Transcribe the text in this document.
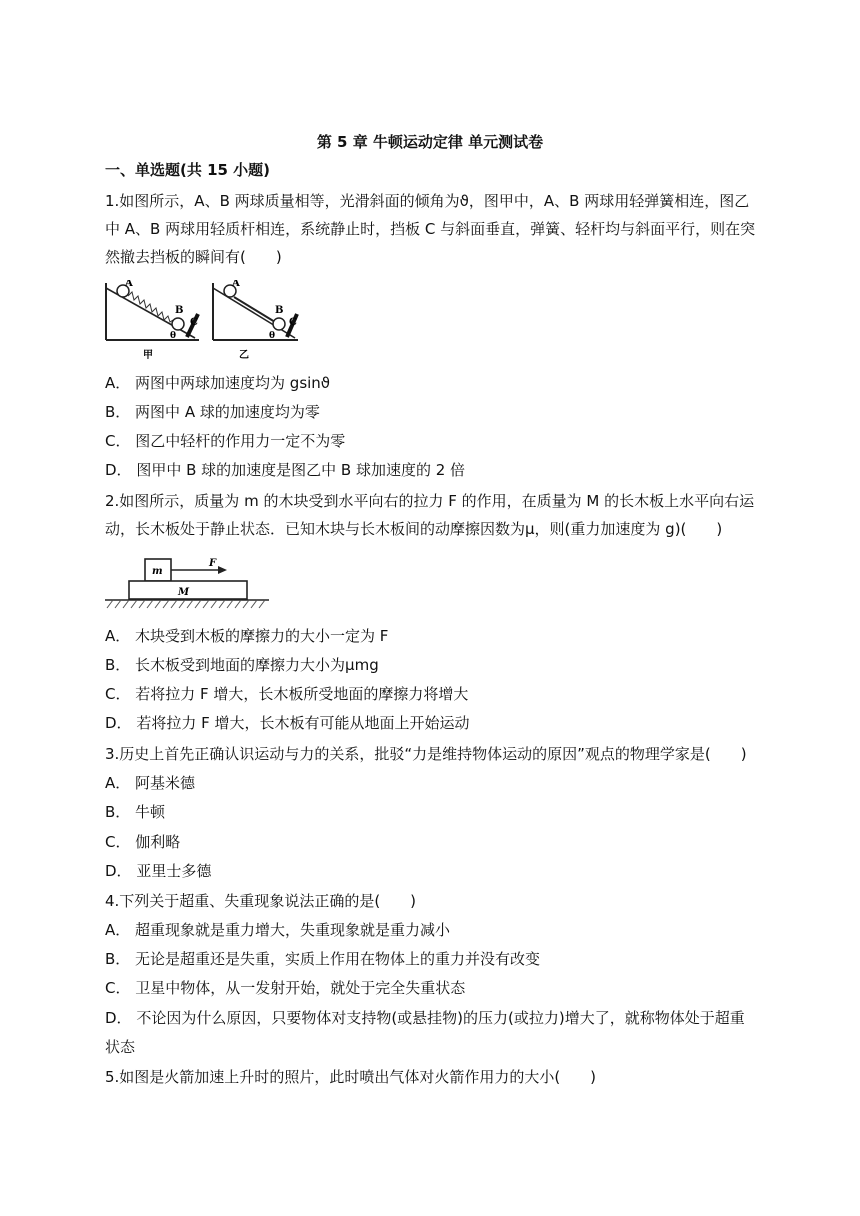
第 5 章 牛顿运动定律 单元测试卷
一、单选题(共 15 小题)
1.如图所示，A、B 两球质量相等，光滑斜面的倾角为ϑ，图甲中，A、B 两球用轻弹簧相连，图乙
中 A、B 两球用轻质杆相连，系统静止时，挡板 C 与斜面垂直，弹簧、轻杆均与斜面平行，则在突
然撤去挡板的瞬间有(　　)
A
B
C
θ
甲
A
B
C
θ
乙
A． 两图中两球加速度均为 gsinϑ
B． 两图中 A 球的加速度均为零
C． 图乙中轻杆的作用力一定不为零
D． 图甲中 B 球的加速度是图乙中 B 球加速度的 2 倍
2.如图所示，质量为 m 的木块受到水平向右的拉力 F 的作用，在质量为 M 的长木板上水平向右运
动，长木板处于静止状态．已知木块与长木板间的动摩擦因数为μ，则(重力加速度为 g)(　　)
m
F
M
A． 木块受到木板的摩擦力的大小一定为 F
B． 长木板受到地面的摩擦力大小为μmg
C． 若将拉力 F 增大，长木板所受地面的摩擦力将增大
D． 若将拉力 F 增大，长木板有可能从地面上开始运动
3.历史上首先正确认识运动与力的关系，批驳“力是维持物体运动的原因”观点的物理学家是(　　)
A． 阿基米德
B． 牛顿
C． 伽利略
D． 亚里士多德
4.下列关于超重、失重现象说法正确的是(　　)
A． 超重现象就是重力增大，失重现象就是重力减小
B． 无论是超重还是失重，实质上作用在物体上的重力并没有改变
C． 卫星中物体，从一发射开始，就处于完全失重状态
D． 不论因为什么原因，只要物体对支持物(或悬挂物)的压力(或拉力)增大了，就称物体处于超重
状态
5.如图是火箭加速上升时的照片，此时喷出气体对火箭作用力的大小(　　)
